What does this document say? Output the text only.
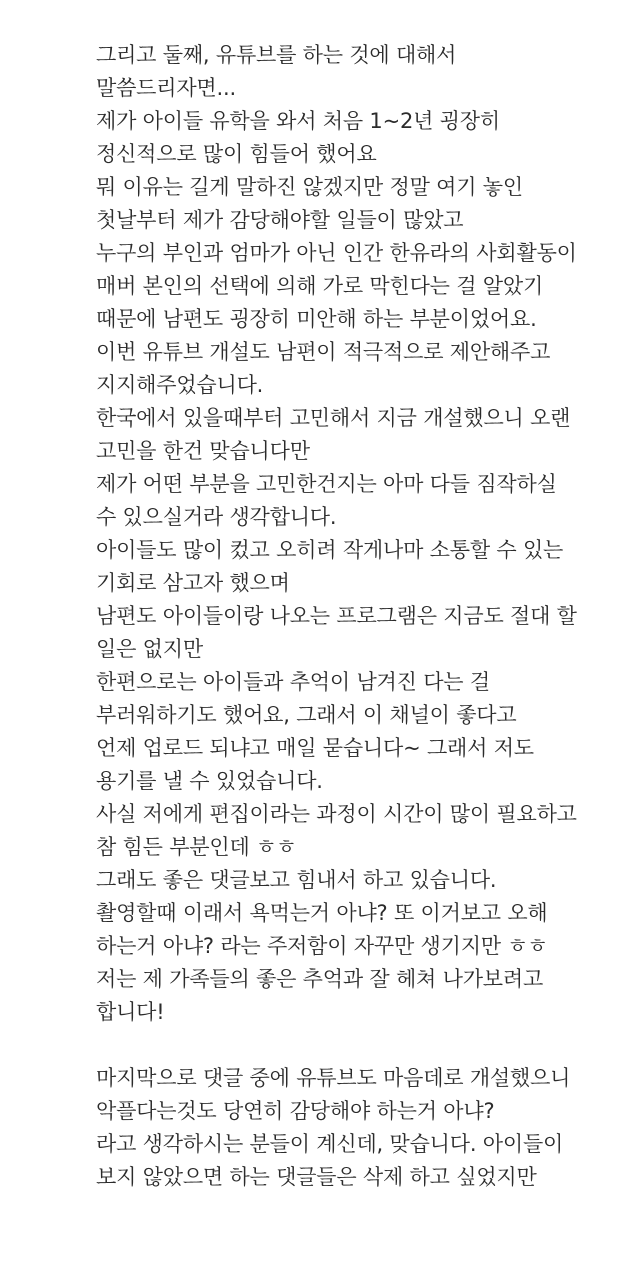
그리고 둘째, 유튜브를 하는 것에 대해서
말씀드리자면...
제가 아이들 유학을 와서 처음 1~2년 굉장히
정신적으로 많이 힘들어 했어요
뭐 이유는 길게 말하진 않겠지만 정말 여기 놓인
첫날부터 제가 감당해야할 일들이 많았고
누구의 부인과 엄마가 아닌 인간 한유라의 사회활동이
매버 본인의 선택에 의해 가로 막힌다는 걸 알았기
때문에 남편도 굉장히 미안해 하는 부분이었어요.
이번 유튜브 개설도 남편이 적극적으로 제안해주고
지지해주었습니다.
한국에서 있을때부터 고민해서 지금 개설했으니 오랜
고민을 한건 맞습니다만
제가 어떤 부분을 고민한건지는 아마 다들 짐작하실
수 있으실거라 생각합니다.
아이들도 많이 컸고 오히려 작게나마 소통할 수 있는
기회로 삼고자 했으며
남편도 아이들이랑 나오는 프로그램은 지금도 절대 할
일은 없지만
한편으로는 아이들과 추억이 남겨진 다는 걸
부러워하기도 했어요, 그래서 이 채널이 좋다고
언제 업로드 되냐고 매일 묻습니다~ 그래서 저도
용기를 낼 수 있었습니다.
사실 저에게 편집이라는 과정이 시간이 많이 필요하고
참 힘든 부분인데 ㅎㅎ
그래도 좋은 댓글보고 힘내서 하고 있습니다.
촬영할때 이래서 욕먹는거 아냐? 또 이거보고 오해
하는거 아냐? 라는 주저함이 자꾸만 생기지만 ㅎㅎ
저는 제 가족들의 좋은 추억과 잘 헤쳐 나가보려고
합니다!
마지막으로 댓글 중에 유튜브도 마음데로 개설했으니
악플다는것도 당연히 감당해야 하는거 아냐?
라고 생각하시는 분들이 계신데, 맞습니다. 아이들이
보지 않았으면 하는 댓글들은 삭제 하고 싶었지만
